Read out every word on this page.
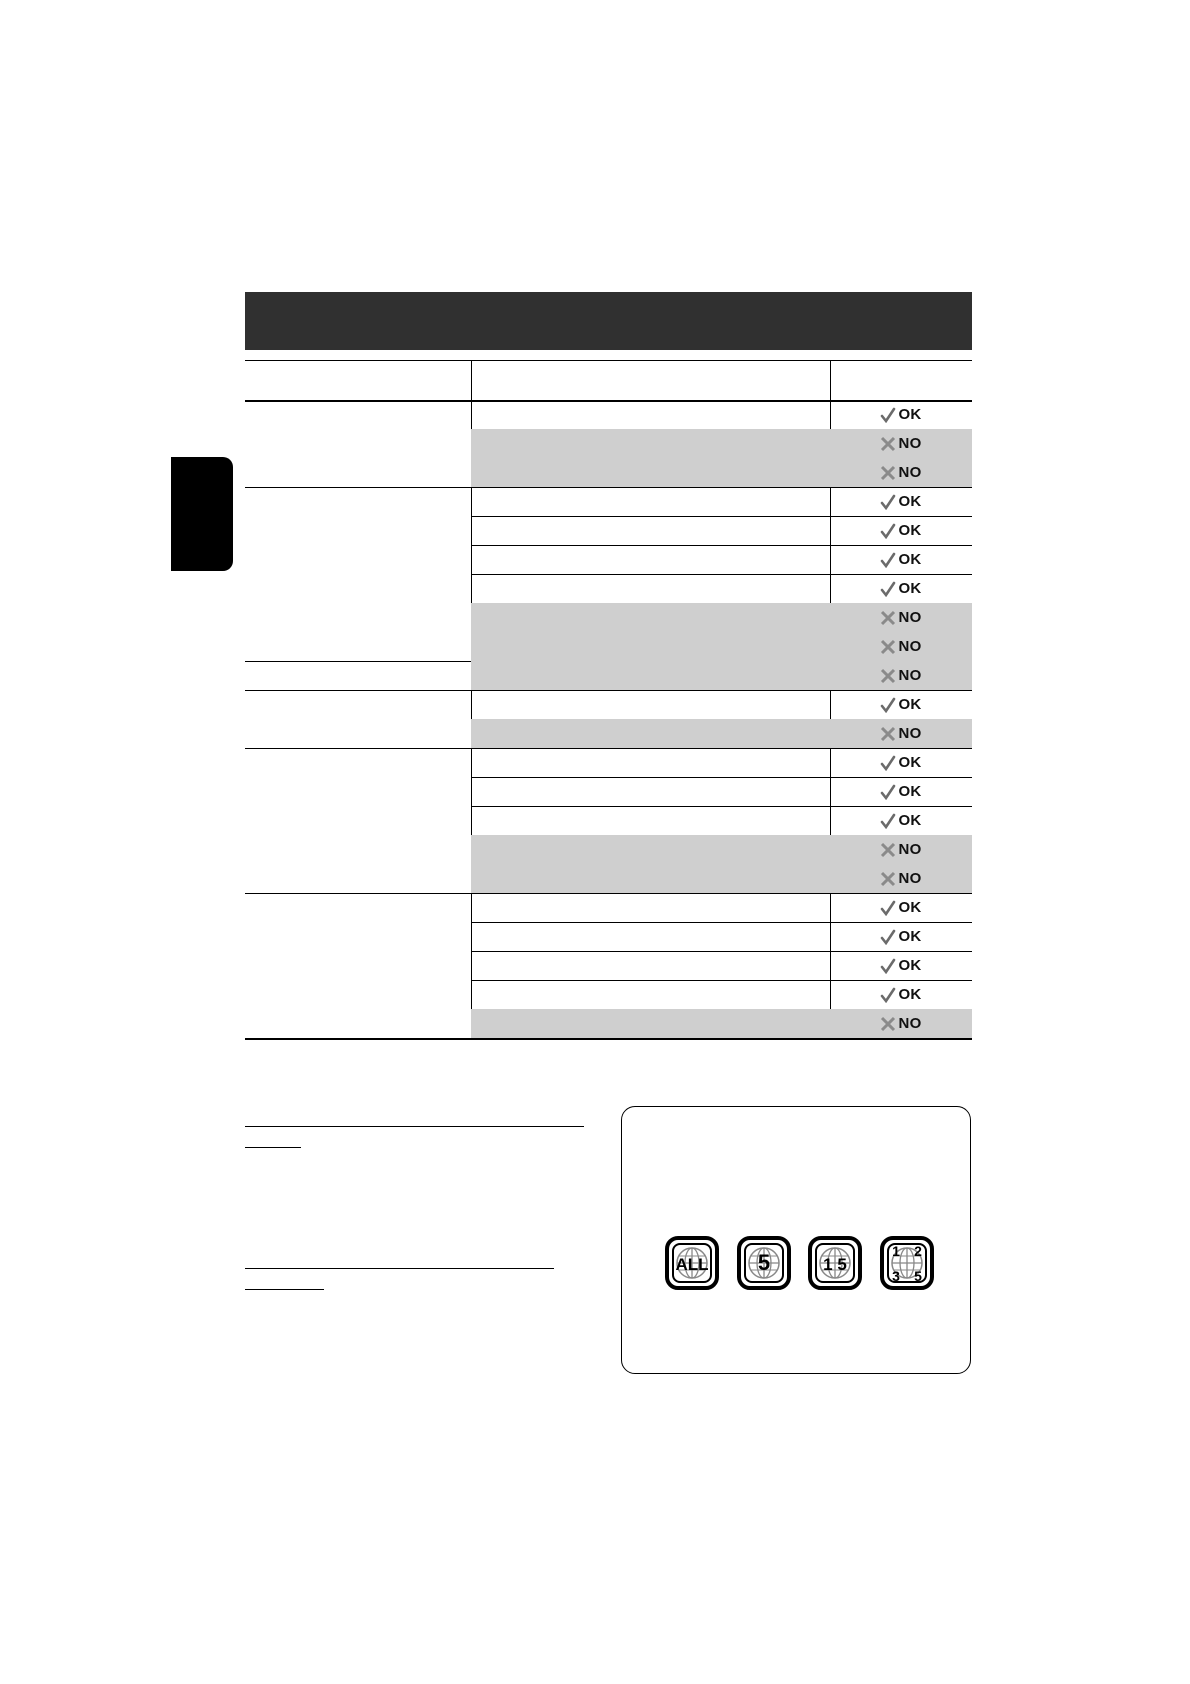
OK
NO
NO
OK
OK
OK
OK
NO
NO
NO
OK
NO
OK
OK
OK
NO
NO
OK
OK
OK
OK
NO
ALL 5	1 5
1 2
3 5
